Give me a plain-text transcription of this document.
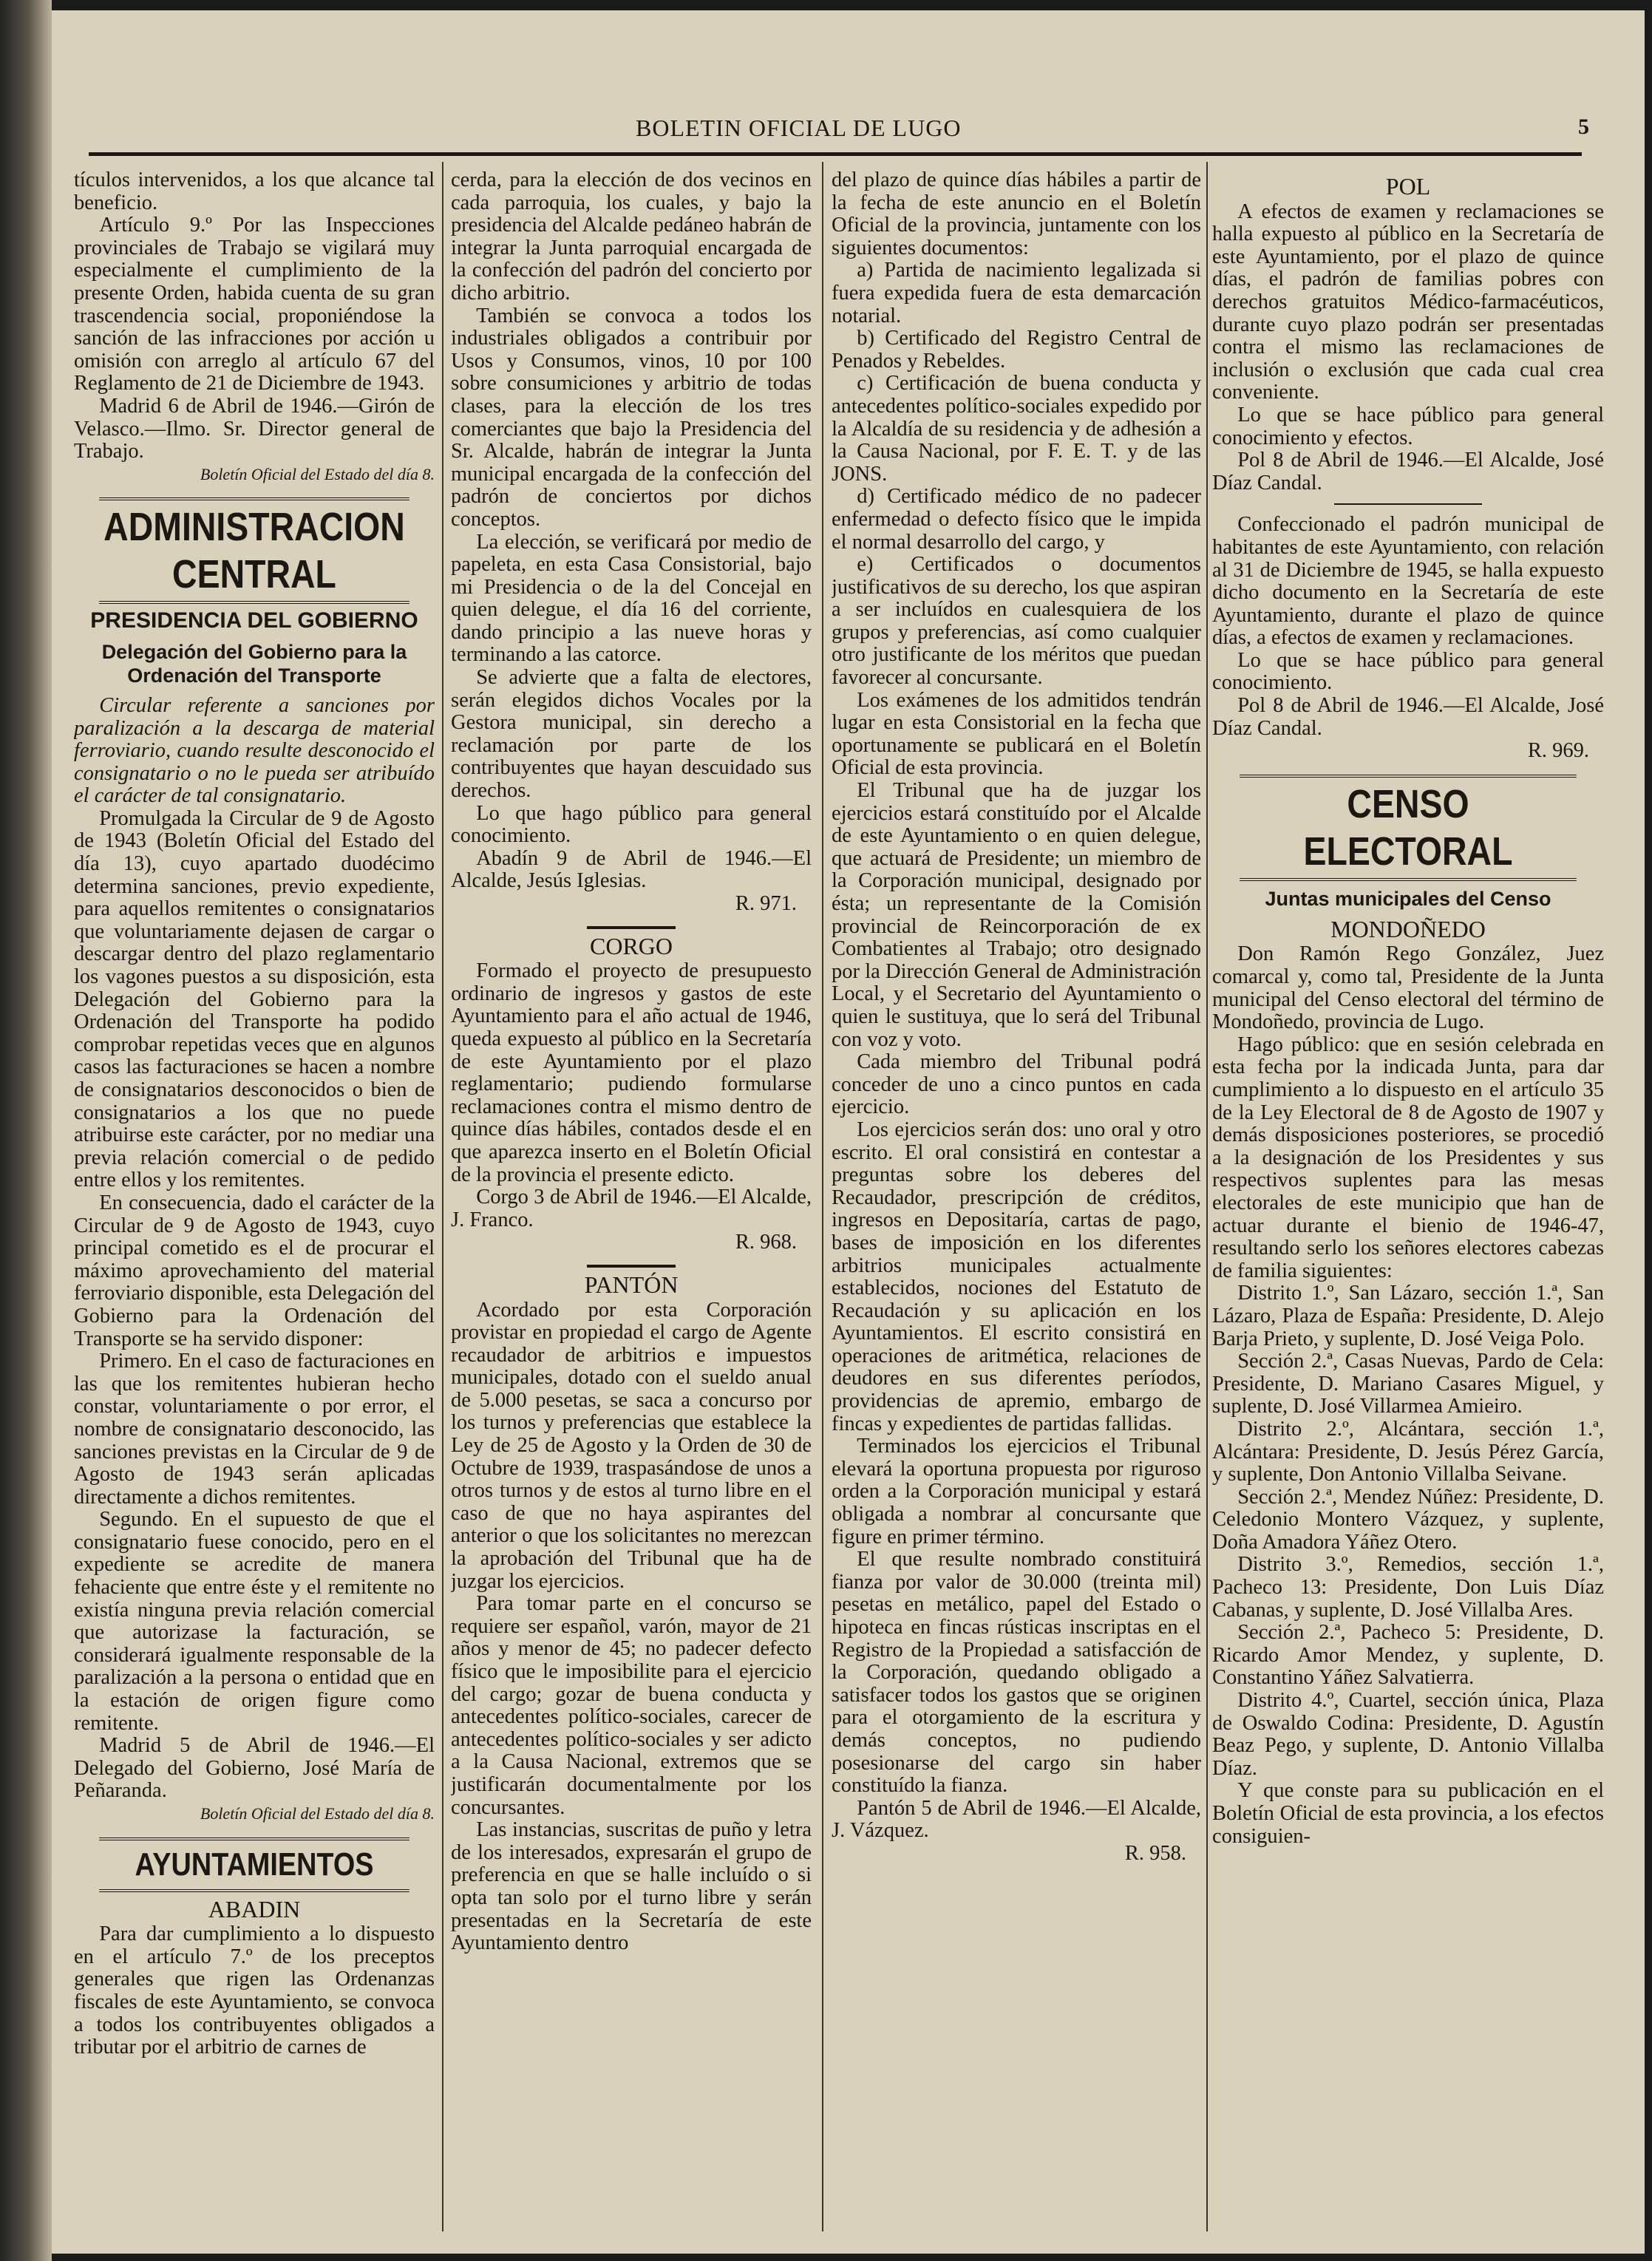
BOLETIN OFICIAL DE LUGO	5

tículos intervenidos, a los que alcance tal beneficio.

Artículo 9.º Por las Inspecciones provinciales de Trabajo se vigilará muy especialmente el cumplimiento de la presente Orden, habida cuenta de su gran trascendencia social, proponiéndose la sanción de las infracciones por acción u omisión con arreglo al artículo 67 del Reglamento de 21 de Diciembre de 1943.

Madrid 6 de Abril de 1946.—Girón de Velasco.—Ilmo. Sr. Director general de Trabajo.

Boletín Oficial del Estado del día 8.

ADMINISTRACION CENTRAL

PRESIDENCIA DEL GOBIERNO

Delegación del Gobierno para la Ordenación del Transporte

Circular referente a sanciones por paralización a la descarga de material ferroviario, cuando resulte desconocido el consignatario o no le pueda ser atribuído el carácter de tal consignatario.

Promulgada la Circular de 9 de Agosto de 1943 (Boletín Oficial del Estado del día 13), cuyo apartado duodécimo determina sanciones, previo expediente, para aquellos remitentes o consignatarios que voluntariamente dejasen de cargar o descargar dentro del plazo reglamentario los vagones puestos a su disposición, esta Delegación del Gobierno para la Ordenación del Transporte ha podido comprobar repetidas veces que en algunos casos las facturaciones se hacen a nombre de consignatarios desconocidos o bien de consignatarios a los que no puede atribuirse este carácter, por no mediar una previa relación comercial o de pedido entre ellos y los remitentes.

En consecuencia, dado el carácter de la Circular de 9 de Agosto de 1943, cuyo principal cometido es el de procurar el máximo aprovechamiento del material ferroviario disponible, esta Delegación del Gobierno para la Ordenación del Transporte se ha servido disponer:

Primero. En el caso de facturaciones en las que los remitentes hubieran hecho constar, voluntariamente o por error, el nombre de consignatario desconocido, las sanciones previstas en la Circular de 9 de Agosto de 1943 serán aplicadas directamente a dichos remitentes.

Segundo. En el supuesto de que el consignatario fuese conocido, pero en el expediente se acredite de manera fehaciente que entre éste y el remitente no existía ninguna previa relación comercial que autorizase la facturación, se considerará igualmente responsable de la paralización a la persona o entidad que en la estación de origen figure como remitente.

Madrid 5 de Abril de 1946.—El Delegado del Gobierno, José María de Peñaranda.

Boletín Oficial del Estado del día 8.

AYUNTAMIENTOS

ABADIN

Para dar cumplimiento a lo dispuesto en el artículo 7.º de los preceptos generales que rigen las Ordenanzas fiscales de este Ayuntamiento, se convoca a todos los contribuyentes obligados a tributar por el arbitrio de carnes de

cerda, para la elección de dos vecinos en cada parroquia, los cuales, y bajo la presidencia del Alcalde pedáneo habrán de integrar la Junta parroquial encargada de la confección del padrón del concierto por dicho arbitrio.

También se convoca a todos los industriales obligados a contribuir por Usos y Consumos, vinos, 10 por 100 sobre consumiciones y arbitrio de todas clases, para la elección de los tres comerciantes que bajo la Presidencia del Sr. Alcalde, habrán de integrar la Junta municipal encargada de la confección del padrón de conciertos por dichos conceptos.

La elección, se verificará por medio de papeleta, en esta Casa Consistorial, bajo mi Presidencia o de la del Concejal en quien delegue, el día 16 del corriente, dando principio a las nueve horas y terminando a las catorce.

Se advierte que a falta de electores, serán elegidos dichos Vocales por la Gestora municipal, sin derecho a reclamación por parte de los contribuyentes que hayan descuidado sus derechos.

Lo que hago público para general conocimiento.

Abadín 9 de Abril de 1946.—El Alcalde, Jesús Iglesias.

R. 971.

CORGO

Formado el proyecto de presupuesto ordinario de ingresos y gastos de este Ayuntamiento para el año actual de 1946, queda expuesto al público en la Secretaría de este Ayuntamiento por el plazo reglamentario; pudiendo formularse reclamaciones contra el mismo dentro de quince días hábiles, contados desde el en que aparezca inserto en el Boletín Oficial de la provincia el presente edicto.

Corgo 3 de Abril de 1946.—El Alcalde, J. Franco.

R. 968.

PANTÓN

Acordado por esta Corporación provistar en propiedad el cargo de Agente recaudador de arbitrios e impuestos municipales, dotado con el sueldo anual de 5.000 pesetas, se saca a concurso por los turnos y preferencias que establece la Ley de 25 de Agosto y la Orden de 30 de Octubre de 1939, traspasándose de unos a otros turnos y de estos al turno libre en el caso de que no haya aspirantes del anterior o que los solicitantes no merezcan la aprobación del Tribunal que ha de juzgar los ejercicios.

Para tomar parte en el concurso se requiere ser español, varón, mayor de 21 años y menor de 45; no padecer defecto físico que le imposibilite para el ejercicio del cargo; gozar de buena conducta y antecedentes político-sociales, carecer de antecedentes político-sociales y ser adicto a la Causa Nacional, extremos que se justificarán documentalmente por los concursantes.

Las instancias, suscritas de puño y letra de los interesados, expresarán el grupo de preferencia en que se halle incluído o si opta tan solo por el turno libre y serán presentadas en la Secretaría de este Ayuntamiento dentro

del plazo de quince días hábiles a partir de la fecha de este anuncio en el Boletín Oficial de la provincia, juntamente con los siguientes documentos:

a) Partida de nacimiento legalizada si fuera expedida fuera de esta demarcación notarial.

b) Certificado del Registro Central de Penados y Rebeldes.

c) Certificación de buena conducta y antecedentes político-sociales expedido por la Alcaldía de su residencia y de adhesión a la Causa Nacional, por F. E. T. y de las JONS.

d) Certificado médico de no padecer enfermedad o defecto físico que le impida el normal desarrollo del cargo, y

e) Certificados o documentos justificativos de su derecho, los que aspiran a ser incluídos en cualesquiera de los grupos y preferencias, así como cualquier otro justificante de los méritos que puedan favorecer al concursante.

Los exámenes de los admitidos tendrán lugar en esta Consistorial en la fecha que oportunamente se publicará en el Boletín Oficial de esta provincia.

El Tribunal que ha de juzgar los ejercicios estará constituído por el Alcalde de este Ayuntamiento o en quien delegue, que actuará de Presidente; un miembro de la Corporación municipal, designado por ésta; un representante de la Comisión provincial de Reincorporación de ex Combatientes al Trabajo; otro designado por la Dirección General de Administración Local, y el Secretario del Ayuntamiento o quien le sustituya, que lo será del Tribunal con voz y voto.

Cada miembro del Tribunal podrá conceder de uno a cinco puntos en cada ejercicio.

Los ejercicios serán dos: uno oral y otro escrito. El oral consistirá en contestar a preguntas sobre los deberes del Recaudador, prescripción de créditos, ingresos en Depositaría, cartas de pago, bases de imposición en los diferentes arbitrios municipales actualmente establecidos, nociones del Estatuto de Recaudación y su aplicación en los Ayuntamientos. El escrito consistirá en operaciones de aritmética, relaciones de deudores en sus diferentes períodos, providencias de apremio, embargo de fincas y expedientes de partidas fallidas.

Terminados los ejercicios el Tribunal elevará la oportuna propuesta por riguroso orden a la Corporación municipal y estará obligada a nombrar al concursante que figure en primer término.

El que resulte nombrado constituirá fianza por valor de 30.000 (treinta mil) pesetas en metálico, papel del Estado o hipoteca en fincas rústicas inscriptas en el Registro de la Propiedad a satisfacción de la Corporación, quedando obligado a satisfacer todos los gastos que se originen para el otorgamiento de la escritura y demás conceptos, no pudiendo posesionarse del cargo sin haber constituído la fianza.

Pantón 5 de Abril de 1946.—El Alcalde, J. Vázquez.

R. 958.

POL

A efectos de examen y reclamaciones se halla expuesto al público en la Secretaría de este Ayuntamiento, por el plazo de quince días, el padrón de familias pobres con derechos gratuitos Médico-farmacéuticos, durante cuyo plazo podrán ser presentadas contra el mismo las reclamaciones de inclusión o exclusión que cada cual crea conveniente.

Lo que se hace público para general conocimiento y efectos.

Pol 8 de Abril de 1946.—El Alcalde, José Díaz Candal.

Confeccionado el padrón municipal de habitantes de este Ayuntamiento, con relación al 31 de Diciembre de 1945, se halla expuesto dicho documento en la Secretaría de este Ayuntamiento, durante el plazo de quince días, a efectos de examen y reclamaciones.

Lo que se hace público para general conocimiento.

Pol 8 de Abril de 1946.—El Alcalde, José Díaz Candal.

R. 969.

CENSO ELECTORAL

Juntas municipales del Censo

MONDOÑEDO

Don Ramón Rego González, Juez comarcal y, como tal, Presidente de la Junta municipal del Censo electoral del término de Mondoñedo, provincia de Lugo.

Hago público: que en sesión celebrada en esta fecha por la indicada Junta, para dar cumplimiento a lo dispuesto en el artículo 35 de la Ley Electoral de 8 de Agosto de 1907 y demás disposiciones posteriores, se procedió a la designación de los Presidentes y sus respectivos suplentes para las mesas electorales de este municipio que han de actuar durante el bienio de 1946-47, resultando serlo los señores electores cabezas de familia siguientes:

Distrito 1.º, San Lázaro, sección 1.ª, San Lázaro, Plaza de España: Presidente, D. Alejo Barja Prieto, y suplente, D. José Veiga Polo.

Sección 2.ª, Casas Nuevas, Pardo de Cela: Presidente, D. Mariano Casares Miguel, y suplente, D. José Villarmea Amieiro.

Distrito 2.º, Alcántara, sección 1.ª, Alcántara: Presidente, D. Jesús Pérez García, y suplente, Don Antonio Villalba Seivane.

Sección 2.ª, Mendez Núñez: Presidente, D. Celedonio Montero Vázquez, y suplente, Doña Amadora Yáñez Otero.

Distrito 3.º, Remedios, sección 1.ª, Pacheco 13: Presidente, Don Luis Díaz Cabanas, y suplente, D. José Villalba Ares.

Sección 2.ª, Pacheco 5: Presidente, D. Ricardo Amor Mendez, y suplente, D. Constantino Yáñez Salvatierra.

Distrito 4.º, Cuartel, sección única, Plaza de Oswaldo Codina: Presidente, D. Agustín Beaz Pego, y suplente, D. Antonio Villalba Díaz.

Y que conste para su publicación en el Boletín Oficial de esta provincia, a los efectos consiguien-
